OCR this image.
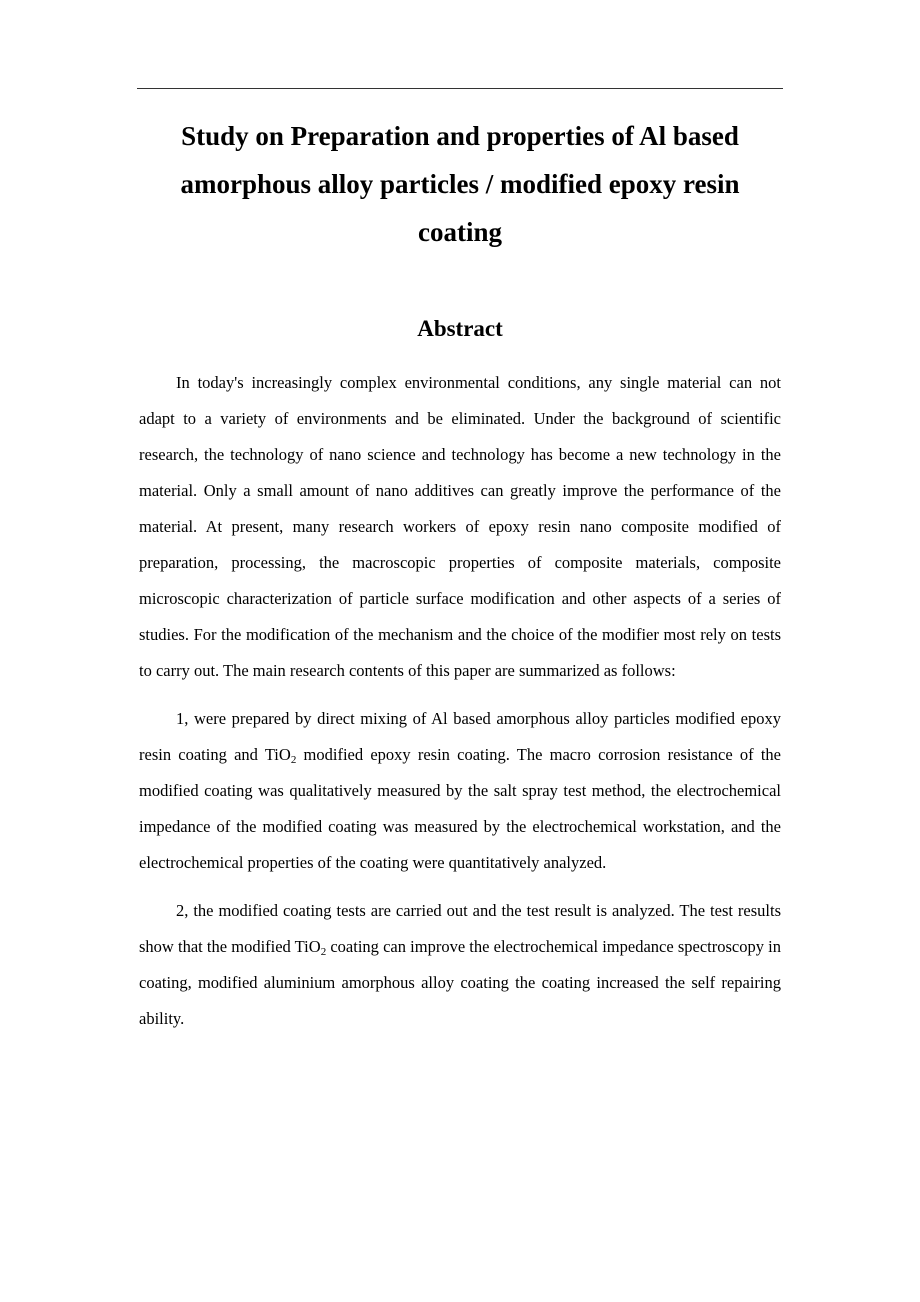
Study on Preparation and properties of Al based amorphous alloy particles / modified epoxy resin coating
Abstract

In today's increasingly complex environmental conditions, any single material can not adapt to a variety of environments and be eliminated. Under the background of scientific research, the technology of nano science and technology has become a new technology in the material. Only a small amount of nano additives can greatly improve the performance of the material. At present, many research workers of epoxy resin nano composite modified of preparation, processing, the macroscopic properties of composite materials, composite microscopic characterization of particle surface modification and other aspects of a series of studies. For the modification of the mechanism and the choice of the modifier most rely on tests to carry out. The main research contents of this paper are summarized as follows:

1, were prepared by direct mixing of Al based amorphous alloy particles modified epoxy resin coating and TiO$_2$ modified epoxy resin coating. The macro corrosion resistance of the modified coating was qualitatively measured by the salt spray test method, the electrochemical impedance of the modified coating was measured by the electrochemical workstation, and the electrochemical properties of the coating were quantitatively analyzed.

2, the modified coating tests are carried out and the test result is analyzed. The test results show that the modified TiO$_2$ coating can improve the electrochemical impedance spectroscopy in coating, modified aluminium amorphous alloy coating the coating increased the self repairing ability.
